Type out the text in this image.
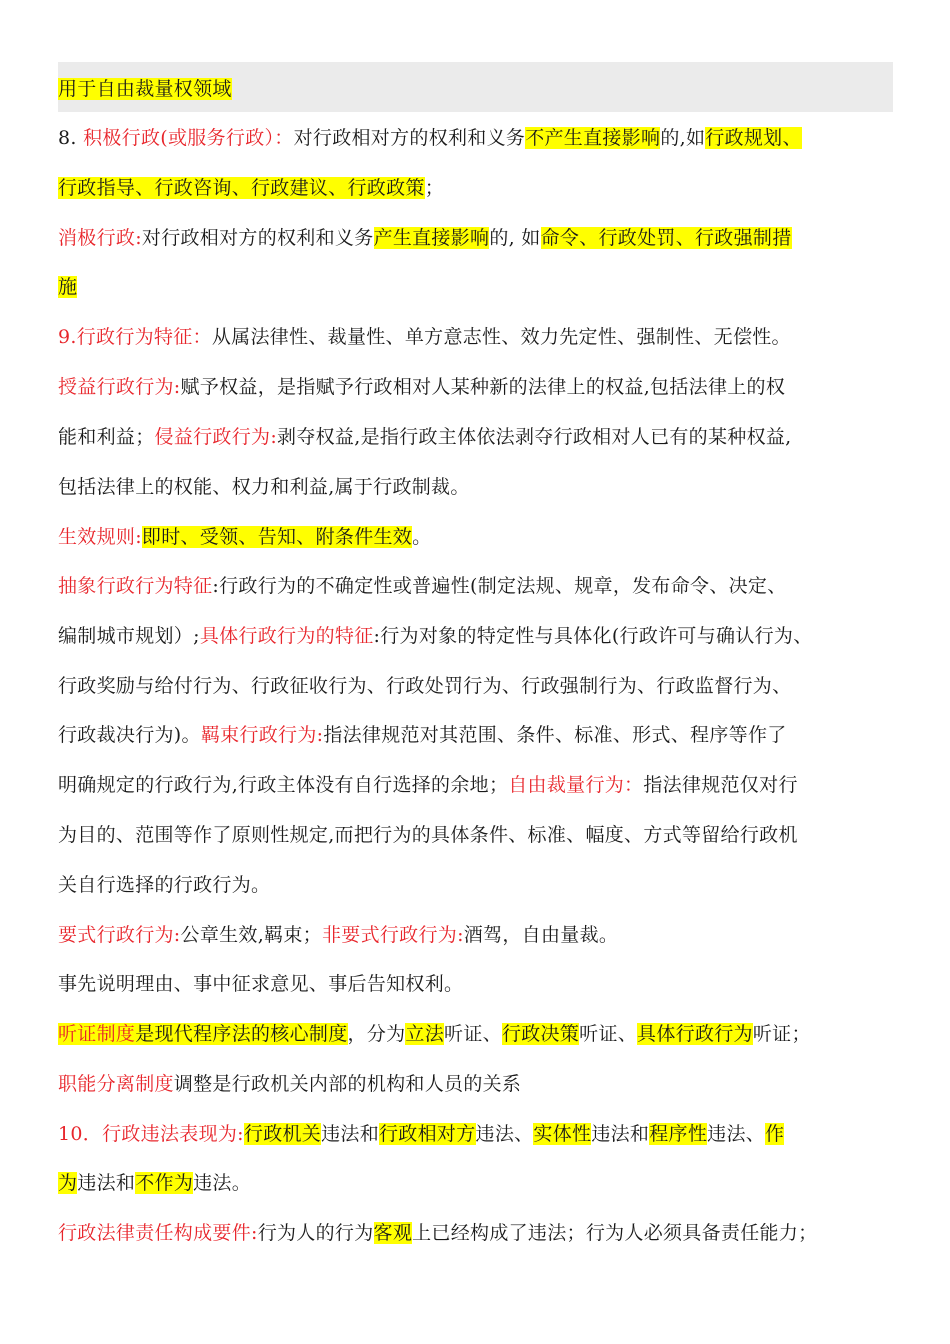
用于自由裁量权领域
8. 积极行政(或服务行政）：对行政相对方的权利和义务不产生直接影响的,如行政规划、
行政指导、行政咨询、行政建议、行政政策；
消极行政:对行政相对方的权利和义务产生直接影响的, 如命令、行政处罚、行政强制措
施
9.行政行为特征：从属法律性、裁量性、单方意志性、效力先定性、强制性、无偿性。
授益行政行为:赋予权益，是指赋予行政相对人某种新的法律上的权益,包括法律上的权
能和利益；侵益行政行为:剥夺权益,是指行政主体依法剥夺行政相对人已有的某种权益,
包括法律上的权能、权力和利益,属于行政制裁。
生效规则:即时、受领、告知、附条件生效。
抽象行政行为特征:行政行为的不确定性或普遍性(制定法规、规章，发布命令、决定、
编制城市规划）;具体行政行为的特征:行为对象的特定性与具体化(行政许可与确认行为、
行政奖励与给付行为、行政征收行为、行政处罚行为、行政强制行为、行政监督行为、
行政裁决行为)。羁束行政行为:指法律规范对其范围、条件、标准、形式、程序等作了
明确规定的行政行为,行政主体没有自行选择的余地；自由裁量行为：指法律规范仅对行
为目的、范围等作了原则性规定,而把行为的具体条件、标准、幅度、方式等留给行政机
关自行选择的行政行为。
要式行政行为:公章生效,羁束；非要式行政行为:酒驾，自由量裁。
事先说明理由、事中征求意见、事后告知权利。
听证制度是现代程序法的核心制度，分为立法听证、行政决策听证、具体行政行为听证；
职能分离制度调整是行政机关内部的机构和人员的关系
10．行政违法表现为:行政机关违法和行政相对方违法、实体性违法和程序性违法、作
为违法和不作为违法。
行政法律责任构成要件:行为人的行为客观上已经构成了违法；行为人必须具备责任能力；
